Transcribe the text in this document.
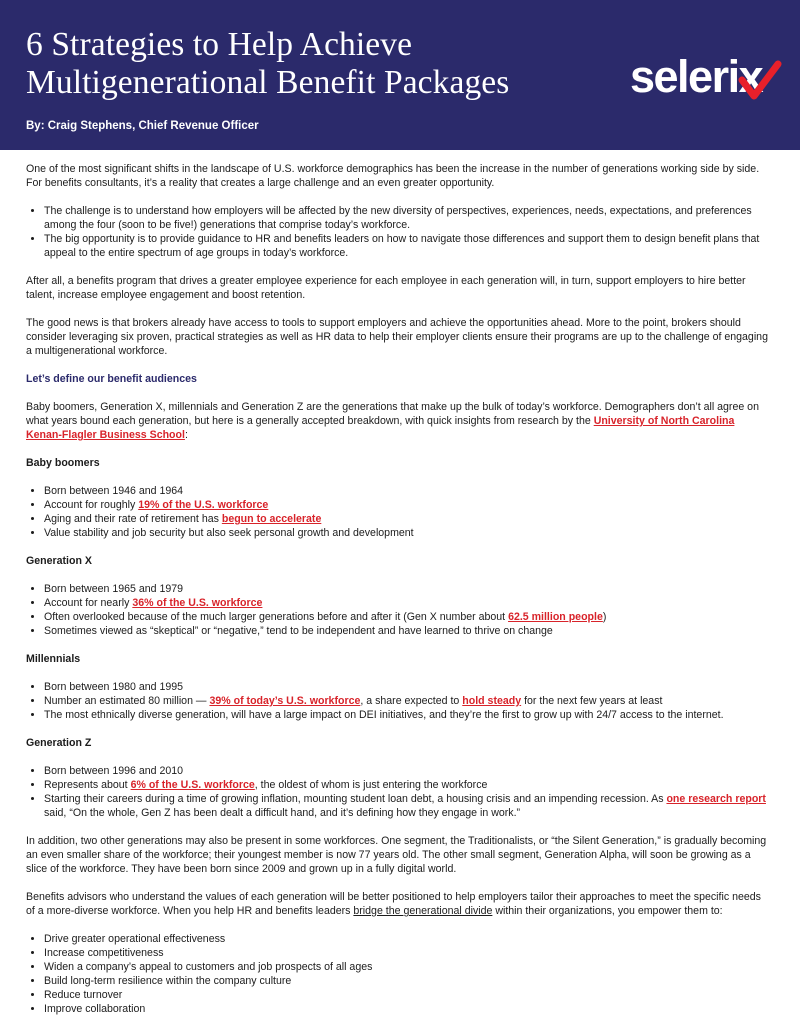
6 Strategies to Help Achieve
Multigenerational Benefit Packages
By: Craig Stephens, Chief Revenue Officer
selerix

One of the most significant shifts in the landscape of U.S. workforce demographics has been the increase in the number of generations working side by side. For benefits consultants, it’s a reality that creates a large challenge and an even greater opportunity.

• The challenge is to understand how employers will be affected by the new diversity of perspectives, experiences, needs, expectations, and preferences among the four (soon to be five!) generations that comprise today’s workforce.
• The big opportunity is to provide guidance to HR and benefits leaders on how to navigate those differences and support them to design benefit plans that appeal to the entire spectrum of age groups in today’s workforce.

After all, a benefits program that drives a greater employee experience for each employee in each generation will, in turn, support employers to hire better talent, increase employee engagement and boost retention.

The good news is that brokers already have access to tools to support employers and achieve the opportunities ahead. More to the point, brokers should consider leveraging six proven, practical strategies as well as HR data to help their employer clients ensure their programs are up to the challenge of engaging a multigenerational workforce.

Let’s define our benefit audiences

Baby boomers, Generation X, millennials and Generation Z are the generations that make up the bulk of today’s workforce. Demographers don’t all agree on what years bound each generation, but here is a generally accepted breakdown, with quick insights from research by the University of North Carolina Kenan-Flagler Business School:

Baby boomers

• Born between 1946 and 1964
• Account for roughly 19% of the U.S. workforce
• Aging and their rate of retirement has begun to accelerate
• Value stability and job security but also seek personal growth and development

Generation X

• Born between 1965 and 1979
• Account for nearly 36% of the U.S. workforce
• Often overlooked because of the much larger generations before and after it (Gen X number about 62.5 million people)
• Sometimes viewed as “skeptical” or “negative,” tend to be independent and have learned to thrive on change

Millennials

• Born between 1980 and 1995
• Number an estimated 80 million — 39% of today’s U.S. workforce, a share expected to hold steady for the next few years at least
• The most ethnically diverse generation, will have a large impact on DEI initiatives, and they’re the first to grow up with 24/7 access to the internet.

Generation Z

• Born between 1996 and 2010
• Represents about 6% of the U.S. workforce, the oldest of whom is just entering the workforce
• Starting their careers during a time of growing inflation, mounting student loan debt, a housing crisis and an impending recession. As one research report said, “On the whole, Gen Z has been dealt a difficult hand, and it’s defining how they engage in work.”

In addition, two other generations may also be present in some workforces. One segment, the Traditionalists, or “the Silent Generation,” is gradually becoming an even smaller share of the workforce; their youngest member is now 77 years old. The other small segment, Generation Alpha, will soon be growing as a slice of the workforce. They have been born since 2009 and grown up in a fully digital world.

Benefits advisors who understand the values of each generation will be better positioned to help employers tailor their approaches to meet the specific needs of a more-diverse workforce. When you help HR and benefits leaders bridge the generational divide within their organizations, you empower them to:

• Drive greater operational effectiveness
• Increase competitiveness
• Widen a company’s appeal to customers and job prospects of all ages
• Build long-term resilience within the company culture
• Reduce turnover
• Improve collaboration
